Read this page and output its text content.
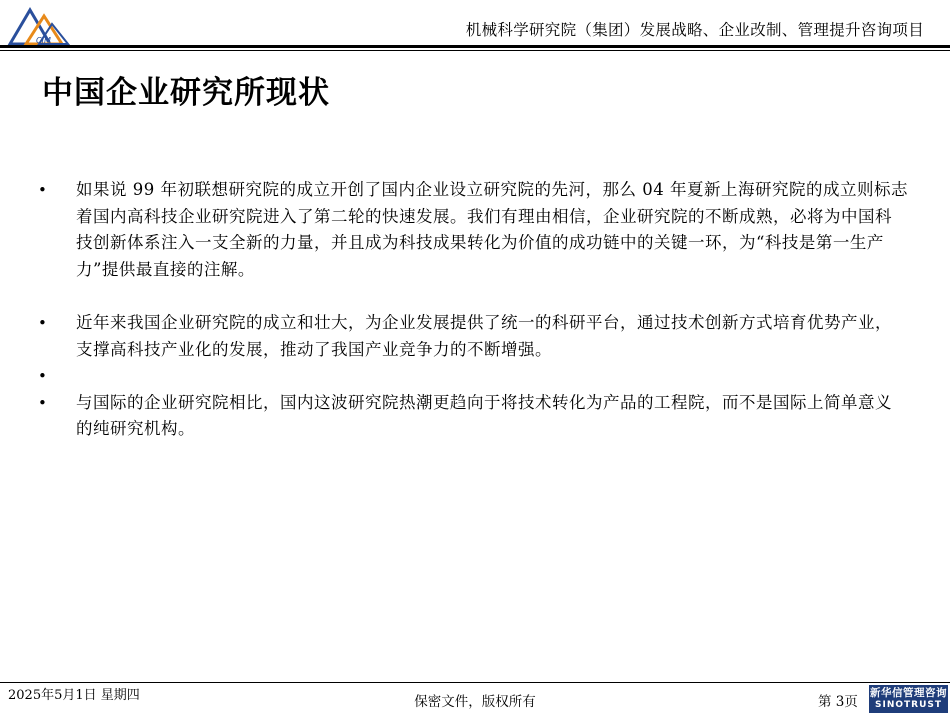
CJM
机械科学研究院（集团）发展战略、企业改制、管理提升咨询项目
中国企业研究所现状
• 如果说 99 年初联想研究院的成立开创了国内企业设立研究院的先河，那么 04 年夏新上海研究院的成立则标志着国内高科技企业研究院进入了第二轮的快速发展。我们有理由相信，企业研究院的不断成熟，必将为中国科技创新体系注入一支全新的力量，并且成为科技成果转化为价值的成功链中的关键一环，为“科技是第一生产力”提供最直接的注解。
• 近年来我国企业研究院的成立和壮大，为企业发展提供了统一的科研平台，通过技术创新方式培育优势产业，支撑高科技产业化的发展，推动了我国产业竞争力的不断增强。
•
• 与国际的企业研究院相比，国内这波研究院热潮更趋向于将技术转化为产品的工程院，而不是国际上简单意义的纯研究机构。
2025年5月1日 星期四	保密文件，版权所有	第 3页
新华信管理咨询
SINOTRUST
